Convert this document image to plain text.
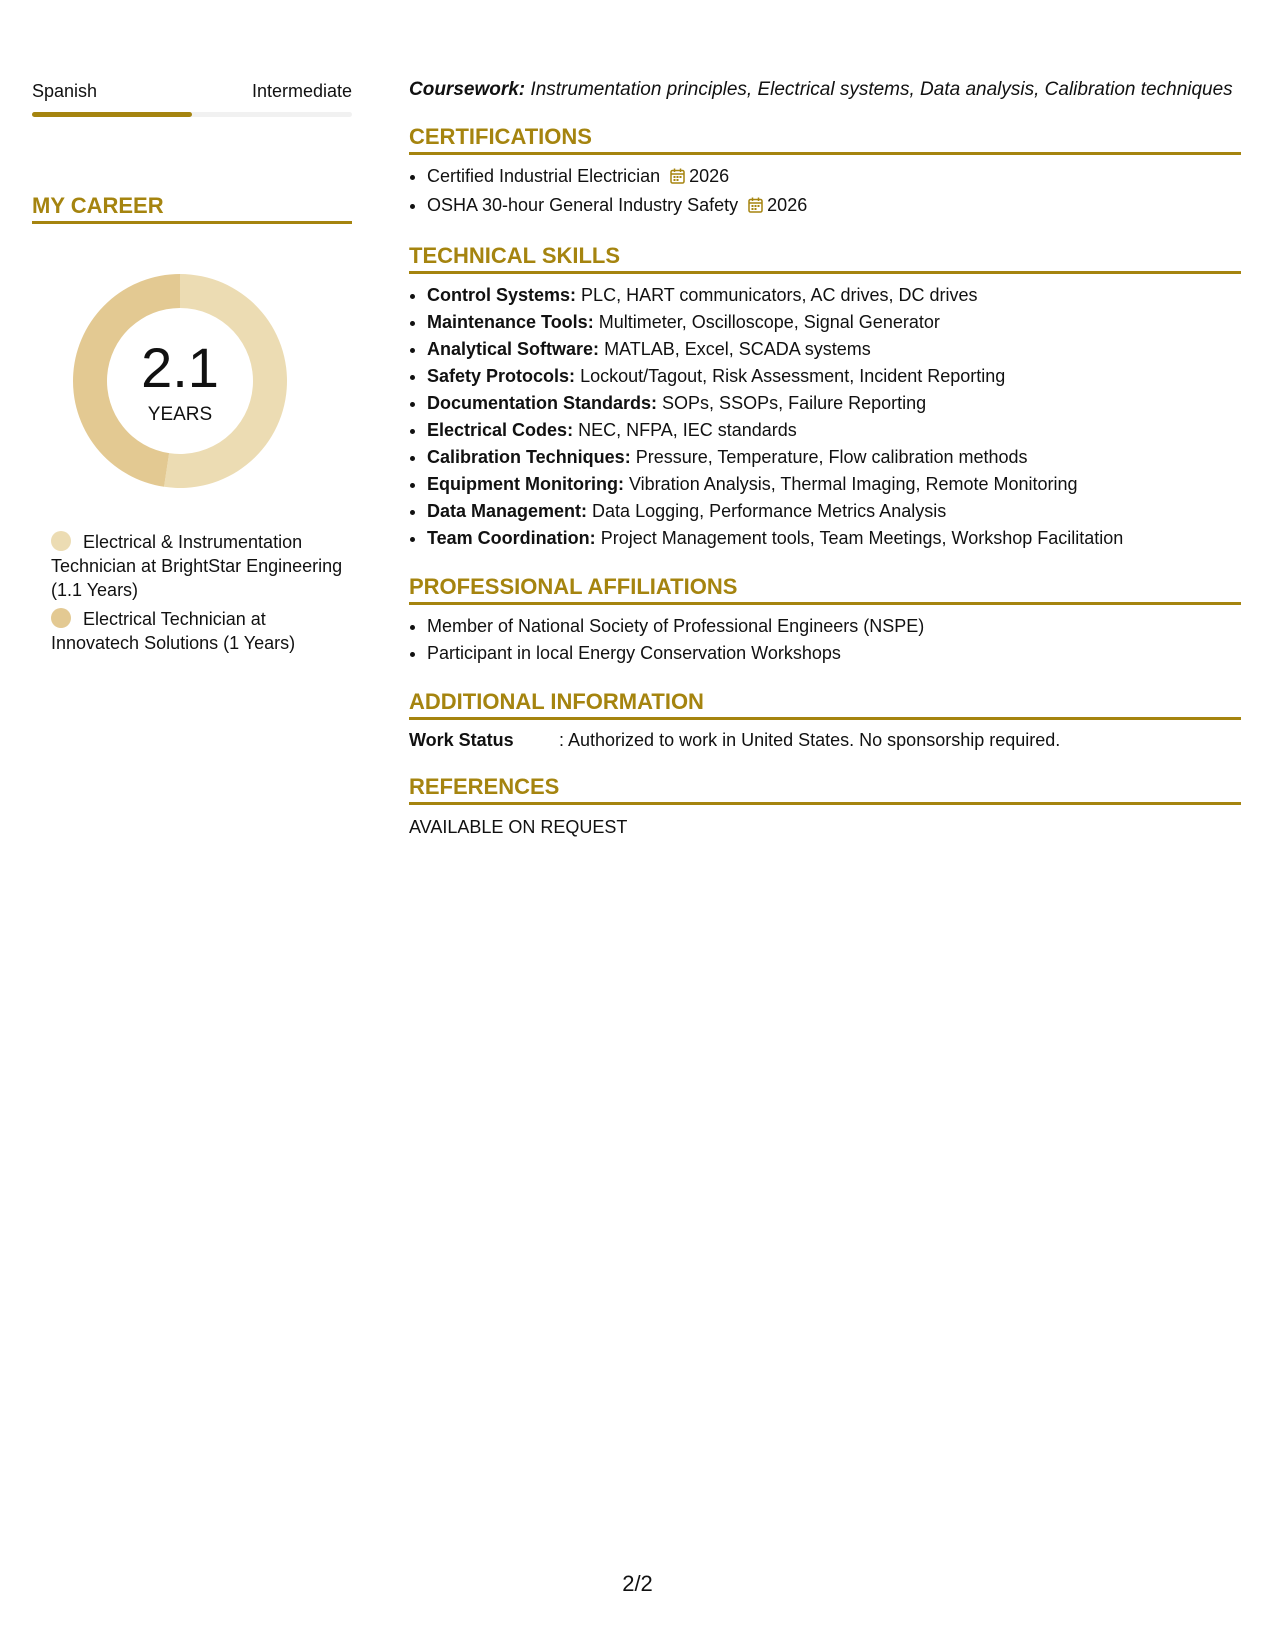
Spanish	Intermediate
MY CAREER
2.1
YEARS
Electrical & Instrumentation Technician at BrightStar Engineering (1.1 Years)
Electrical Technician at Innovatech Solutions (1 Years)
Coursework: Instrumentation principles, Electrical systems, Data analysis, Calibration techniques
CERTIFICATIONS
• Certified Industrial Electrician 2026
• OSHA 30-hour General Industry Safety 2026
TECHNICAL SKILLS
• Control Systems: PLC, HART communicators, AC drives, DC drives
• Maintenance Tools: Multimeter, Oscilloscope, Signal Generator
• Analytical Software: MATLAB, Excel, SCADA systems
• Safety Protocols: Lockout/Tagout, Risk Assessment, Incident Reporting
• Documentation Standards: SOPs, SSOPs, Failure Reporting
• Electrical Codes: NEC, NFPA, IEC standards
• Calibration Techniques: Pressure, Temperature, Flow calibration methods
• Equipment Monitoring: Vibration Analysis, Thermal Imaging, Remote Monitoring
• Data Management: Data Logging, Performance Metrics Analysis
• Team Coordination: Project Management tools, Team Meetings, Workshop Facilitation
PROFESSIONAL AFFILIATIONS
• Member of National Society of Professional Engineers (NSPE)
• Participant in local Energy Conservation Workshops
ADDITIONAL INFORMATION
Work Status	: Authorized to work in United States. No sponsorship required.
REFERENCES
AVAILABLE ON REQUEST
2/2
